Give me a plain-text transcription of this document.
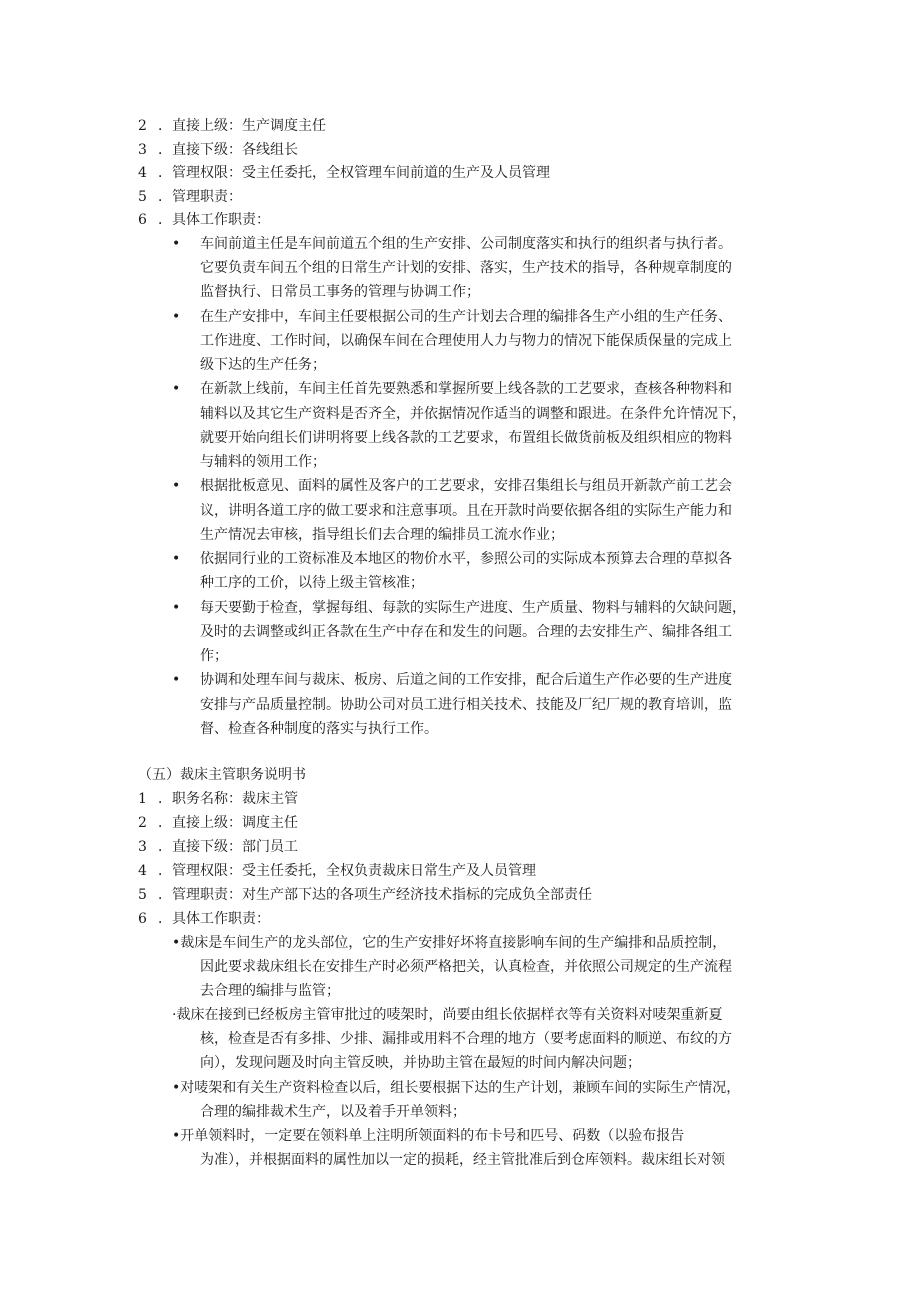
2 ．直接上级：生产调度主任
3 ．直接下级：各线组长
4 ．管理权限：受主任委托，全权管理车间前道的生产及人员管理
5 ．管理职责：
6 ．具体工作职责：
• 车间前道主任是车间前道五个组的生产安排、公司制度落实和执行的组织者与执行者。
它要负责车间五个组的日常生产计划的安排、落实，生产技术的指导，各种规章制度的
监督执行、日常员工事务的管理与协调工作；
• 在生产安排中，车间主任要根据公司的生产计划去合理的编排各生产小组的生产任务、
工作进度、工作时间，以确保车间在合理使用人力与物力的情况下能保质保量的完成上
级下达的生产任务；
• 在新款上线前，车间主任首先要熟悉和掌握所要上线各款的工艺要求，查核各种物料和
辅料以及其它生产资料是否齐全，并依据情况作适当的调整和跟进。在条件允许情况下，
就要开始向组长们讲明将要上线各款的工艺要求，布置组长做货前板及组织相应的物料
与辅料的领用工作；
• 根据批板意见、面料的属性及客户的工艺要求，安排召集组长与组员开新款产前工艺会
议，讲明各道工序的做工要求和注意事项。且在开款时尚要依据各组的实际生产能力和
生产情况去审核，指导组长们去合理的编排员工流水作业；
• 依据同行业的工资标准及本地区的物价水平，参照公司的实际成本预算去合理的草拟各
种工序的工价，以待上级主管核准；
• 每天要勤于检查，掌握每组、每款的实际生产进度、生产质量、物料与辅料的欠缺问题，
及时的去调整或纠正各款在生产中存在和发生的问题。合理的去安排生产、编排各组工
作；
• 协调和处理车间与裁床、板房、后道之间的工作安排，配合后道生产作必要的生产进度
安排与产品质量控制。协助公司对员工进行相关技术、技能及厂纪厂规的教育培训，监
督、检查各种制度的落实与执行工作。
（五）裁床主管职务说明书
1 ．职务名称：裁床主管
2 ．直接上级：调度主任
3 ．直接下级：部门员工
4 ．管理权限：受主任委托，全权负责裁床日常生产及人员管理
5 ．管理职责：对生产部下达的各项生产经济技术指标的完成负全部责任
6 ．具体工作职责：
•裁床是车间生产的龙头部位，它的生产安排好坏将直接影响车间的生产编排和品质控制，
因此要求裁床组长在安排生产时必须严格把关，认真检查，并依照公司规定的生产流程
去合理的编排与监管；
·裁床在接到已经板房主管审批过的唛架时，尚要由组长依据样衣等有关资料对唛架重新夏
核，检查是否有多排、少排、漏排或用料不合理的地方（要考虑面料的顺逆、布纹的方
向），发现问题及时向主管反映，并协助主管在最短的时间内解决问题；
•对唛架和有关生产资料检查以后，组长要根据下达的生产计划，兼顾车间的实际生产情况，
合理的编排裁术生产，以及着手开单领料；
•开单领料时，一定要在领料单上注明所领面料的布卡号和匹号、码数（以验布报告
为准），并根据面料的属性加以一定的损耗，经主管批准后到仓库领料。裁床组长对领
